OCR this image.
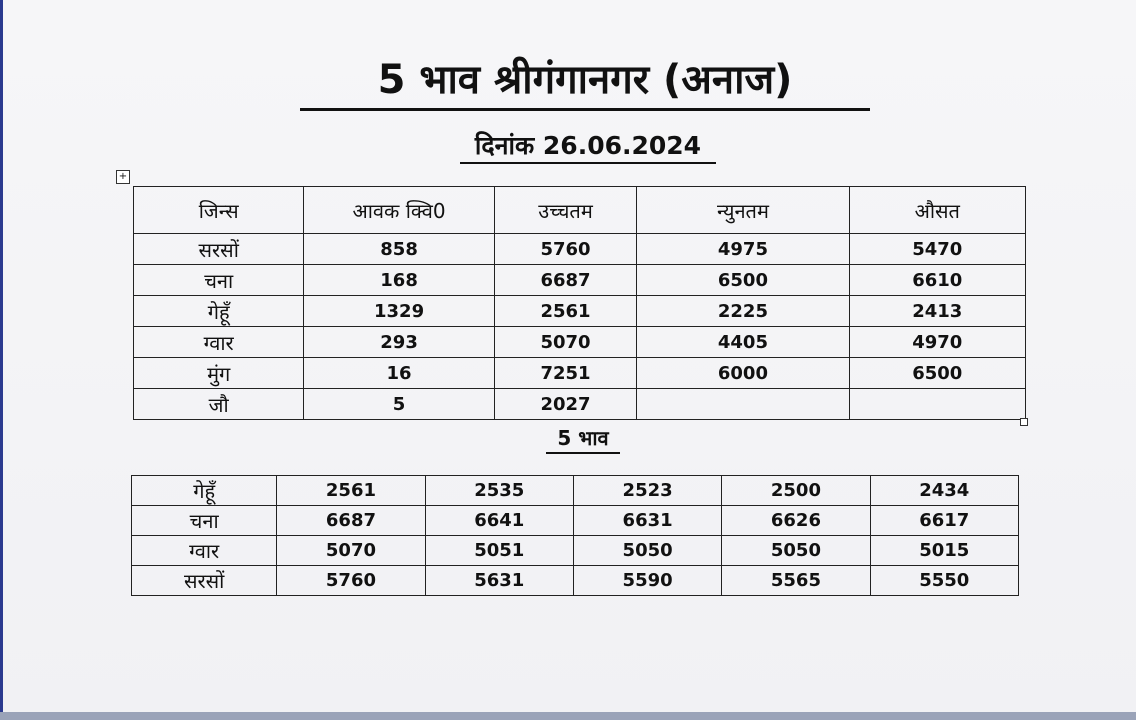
5 भाव श्रीगंगानगर (अनाज)
दिनांक 26.06.2024
+
जिन्स	आवक क्वि0	उच्चतम	न्युनतम	औसत
सरसों	858	5760	4975	5470
चना	168	6687	6500	6610
गेहूँ	1329	2561	2225	2413
ग्वार	293	5070	4405	4970
मुंग	16	7251	6000	6500
जौ	5	2027		
5 भाव
गेहूँ	2561	2535	2523	2500	2434
चना	6687	6641	6631	6626	6617
ग्वार	5070	5051	5050	5050	5015
सरसों	5760	5631	5590	5565	5550
